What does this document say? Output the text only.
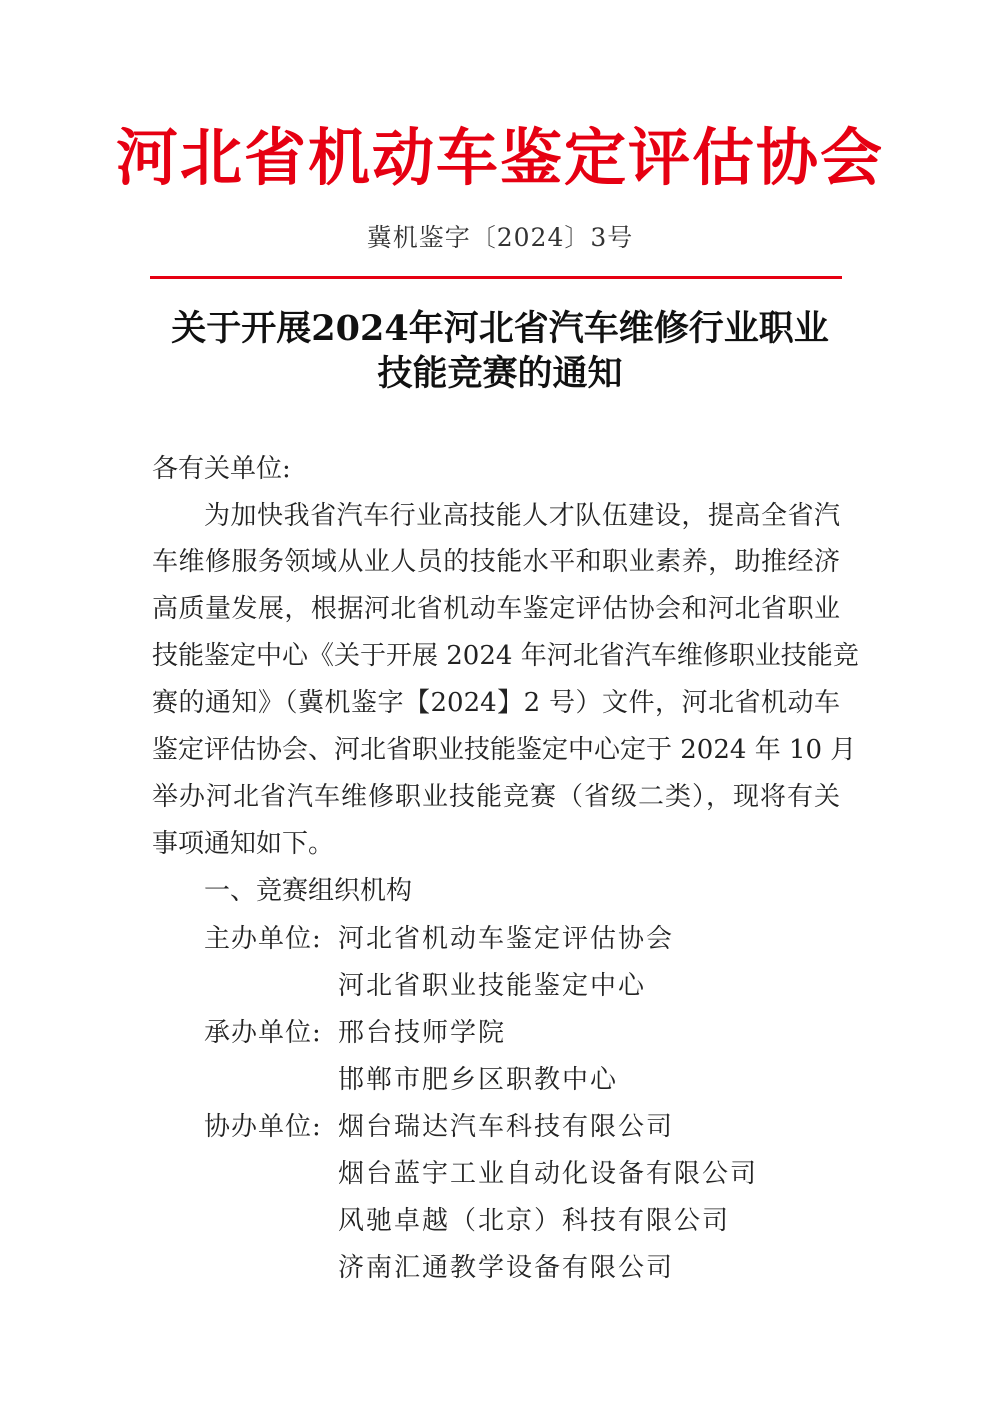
河北省机动车鉴定评估协会
冀机鉴字〔2024〕3号
关于开展2024年河北省汽车维修行业职业
技能竞赛的通知
各有关单位:
为加快我省汽车行业高技能人才队伍建设，提高全省汽
车维修服务领域从业人员的技能水平和职业素养，助推经济
高质量发展，根据河北省机动车鉴定评估协会和河北省职业
技能鉴定中心《关于开展 2024 年河北省汽车维修职业技能竞
赛的通知》（冀机鉴字【2024】2 号）文件，河北省机动车
鉴定评估协会、河北省职业技能鉴定中心定于 2024 年 10 月
举办河北省汽车维修职业技能竞赛（省级二类），现将有关
事项通知如下。
一、竞赛组织机构
主办单位: 河北省机动车鉴定评估协会
河北省职业技能鉴定中心
承办单位: 邢台技师学院
邯郸市肥乡区职教中心
协办单位: 烟台瑞达汽车科技有限公司
烟台蓝宇工业自动化设备有限公司
风驰卓越（北京）科技有限公司
济南汇通教学设备有限公司
